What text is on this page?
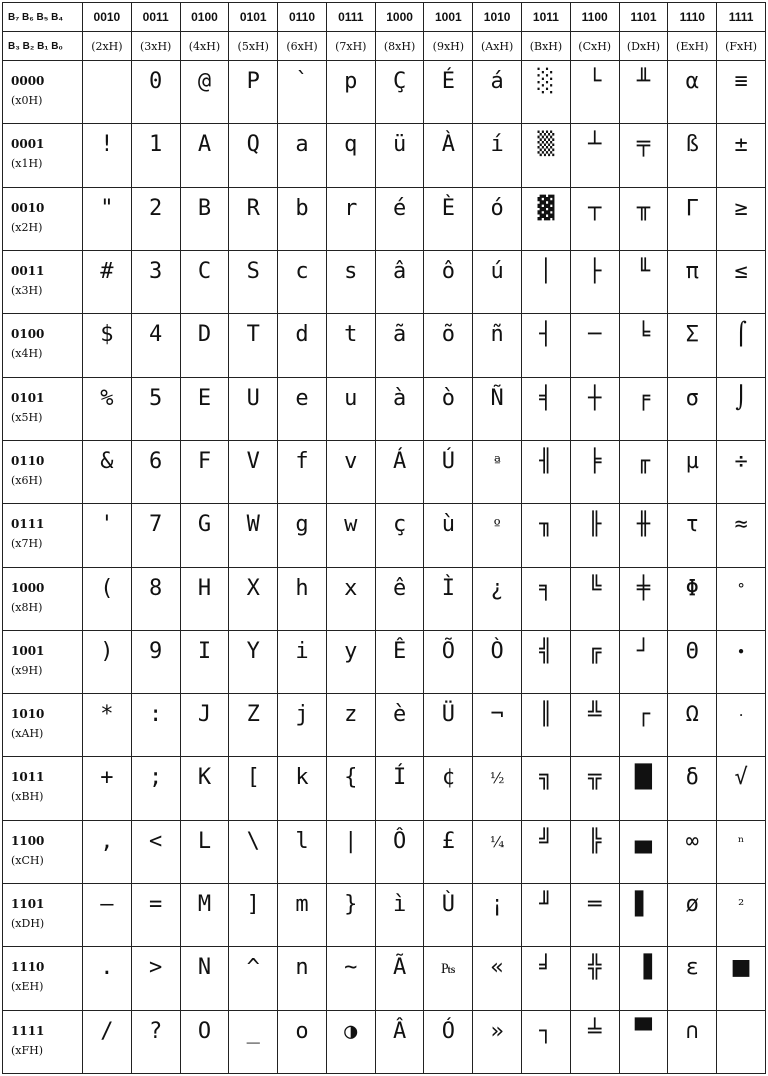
B₇ B₆ B₅ B₄	0010	0011	0100	0101	0110	0111	1000	1001	1010	1011	1100	1101	1110	1111
B₃ B₂ B₁ B₀	(2xH)	(3xH)	(4xH)	(5xH)	(6xH)	(7xH)	(8xH)	(9xH)	(AxH)	(BxH)	(CxH)	(DxH)	(ExH)	(FxH)

0000
(x0H)		0	@	P	`	p	Ç	É	á	░	└	╨	α	≡

0001
(x1H)	!	1	A	Q	a	q	ü	À	í	▒	┴	╤	ß	±

0010
(x2H)	"	2	B	R	b	r	é	È	ó	▓	┬	╥	Γ	≥

0011
(x3H)	#	3	C	S	c	s	â	ô	ú	│	├	╙	π	≤

0100
(x4H)	$	4	D	T	d	t	ã	õ	ñ	┤	─	╘	Σ	⌠

0101
(x5H)	%	5	E	U	e	u	à	ò	Ñ	╡	┼	╒	σ	⌡

0110
(x6H)	&	6	F	V	f	v	Á	Ú	ª	╢	╞	╓	µ	÷

0111
(x7H)	'	7	G	W	g	w	ç	ù	º	╖	╟	╫	τ	≈

1000
(x8H)	(	8	H	X	h	x	ê	Ì	¿	╕	╚	╪	Φ	°

1001
(x9H)	)	9	I	Y	i	y	Ê	Õ	Ò	╣	╔	┘	Θ	•

1010
(xAH)	*	:	J	Z	j	z	è	Ü	¬	║	╩	┌	Ω	·

1011
(xBH)	+	;	K	[	k	{	Í	¢	½	╗	╦	█	δ	√

1100
(xCH)	,	<	L	\	l	|	Ô	£	¼	╝	╠	▄	∞	ⁿ

1101
(xDH)	—	=	M	]	m	}	ì	Ù	¡	╜	═	▌	ø	²

1110
(xEH)	.	>	N	^	n	~	Ã	₧	«	╛	╬	▐	ε	■

1111
(xFH)	/	?	O	_	o	◑	Â	Ó	»	┐	╧	▀	∩	
